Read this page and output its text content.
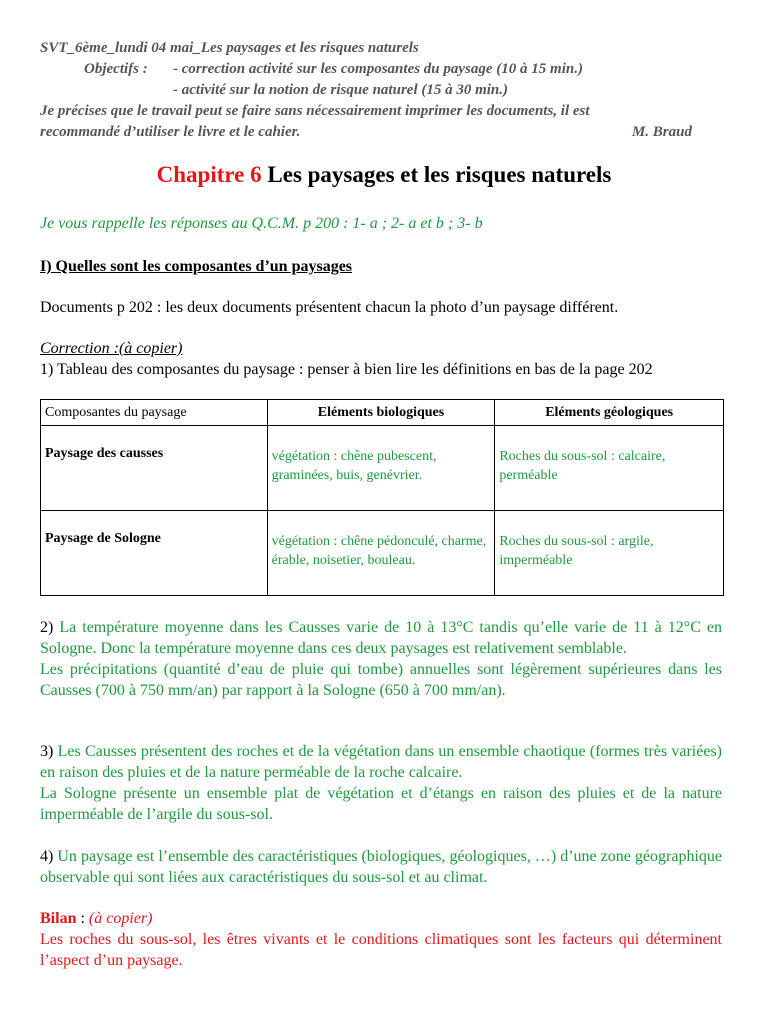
SVT_6ème_lundi 04 mai_Les paysages et les risques naturels
Objectifs : - correction activité sur les composantes du paysage (10 à 15 min.)
- activité sur la notion de risque naturel (15 à 30 min.)
Je précises que le travail peut se faire sans nécessairement imprimer les documents, il est
recommandé d’utiliser le livre et le cahier.	M. Braud
Chapitre 6 Les paysages et les risques naturels
Je vous rappelle les réponses au Q.C.M. p 200 : 1- a ; 2- a et b ; 3- b
I) Quelles sont les composantes d’un paysages
Documents p 202 : les deux documents présentent chacun la photo d’un paysage différent.
Correction :(à copier)
1) Tableau des composantes du paysage : penser à bien lire les définitions en bas de la page 202
Composantes du paysage	Eléments biologiques	Eléments géologiques
Paysage des causses	végétation : chêne pubescent, graminées, buis, genévrier.	Roches du sous-sol : calcaire, perméable
Paysage de Sologne	végétation : chêne pédonculé, charme, érable, noisetier, bouleau.	Roches du sous-sol : argile, imperméable
2) La température moyenne dans les Causses varie de 10 à 13°C tandis qu’elle varie de 11 à 12°C en Sologne. Donc la température moyenne dans ces deux paysages est relativement semblable.
Les précipitations (quantité d’eau de pluie qui tombe) annuelles sont légèrement supérieures dans les Causses (700 à 750 mm/an) par rapport à la Sologne (650 à 700 mm/an).
3) Les Causses présentent des roches et de la végétation dans un ensemble chaotique (formes très variées) en raison des pluies et de la nature perméable de la roche calcaire.
La Sologne présente un ensemble plat de végétation et d’étangs en raison des pluies et de la nature imperméable de l’argile du sous-sol.
4) Un paysage est l’ensemble des caractéristiques (biologiques, géologiques, …) d’une zone géographique observable qui sont liées aux caractéristiques du sous-sol et au climat.
Bilan : (à copier)
Les roches du sous-sol, les êtres vivants et le conditions climatiques sont les facteurs qui déterminent l’aspect d’un paysage.
